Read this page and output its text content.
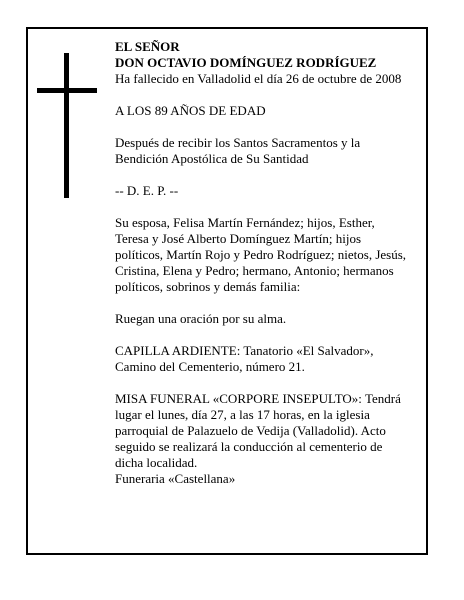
EL SEÑOR
DON OCTAVIO DOMÍNGUEZ RODRÍGUEZ
Ha fallecido en Valladolid el día 26 de octubre de 2008
A LOS 89 AÑOS DE EDAD
Después de recibir los Santos Sacramentos y la
Bendición Apostólica de Su Santidad
-- D. E. P. --
Su esposa, Felisa Martín Fernández; hijos, Esther,
Teresa y José Alberto Domínguez Martín; hijos
políticos, Martín Rojo y Pedro Rodríguez; nietos, Jesús,
Cristina, Elena y Pedro; hermano, Antonio; hermanos
políticos, sobrinos y demás familia:
Ruegan una oración por su alma.
CAPILLA ARDIENTE: Tanatorio «El Salvador»,
Camino del Cementerio, número 21.
MISA FUNERAL «CORPORE INSEPULTO»: Tendrá
lugar el lunes, día 27, a las 17 horas, en la iglesia
parroquial de Palazuelo de Vedija (Valladolid). Acto
seguido se realizará la conducción al cementerio de
dicha localidad.
Funeraria «Castellana»
